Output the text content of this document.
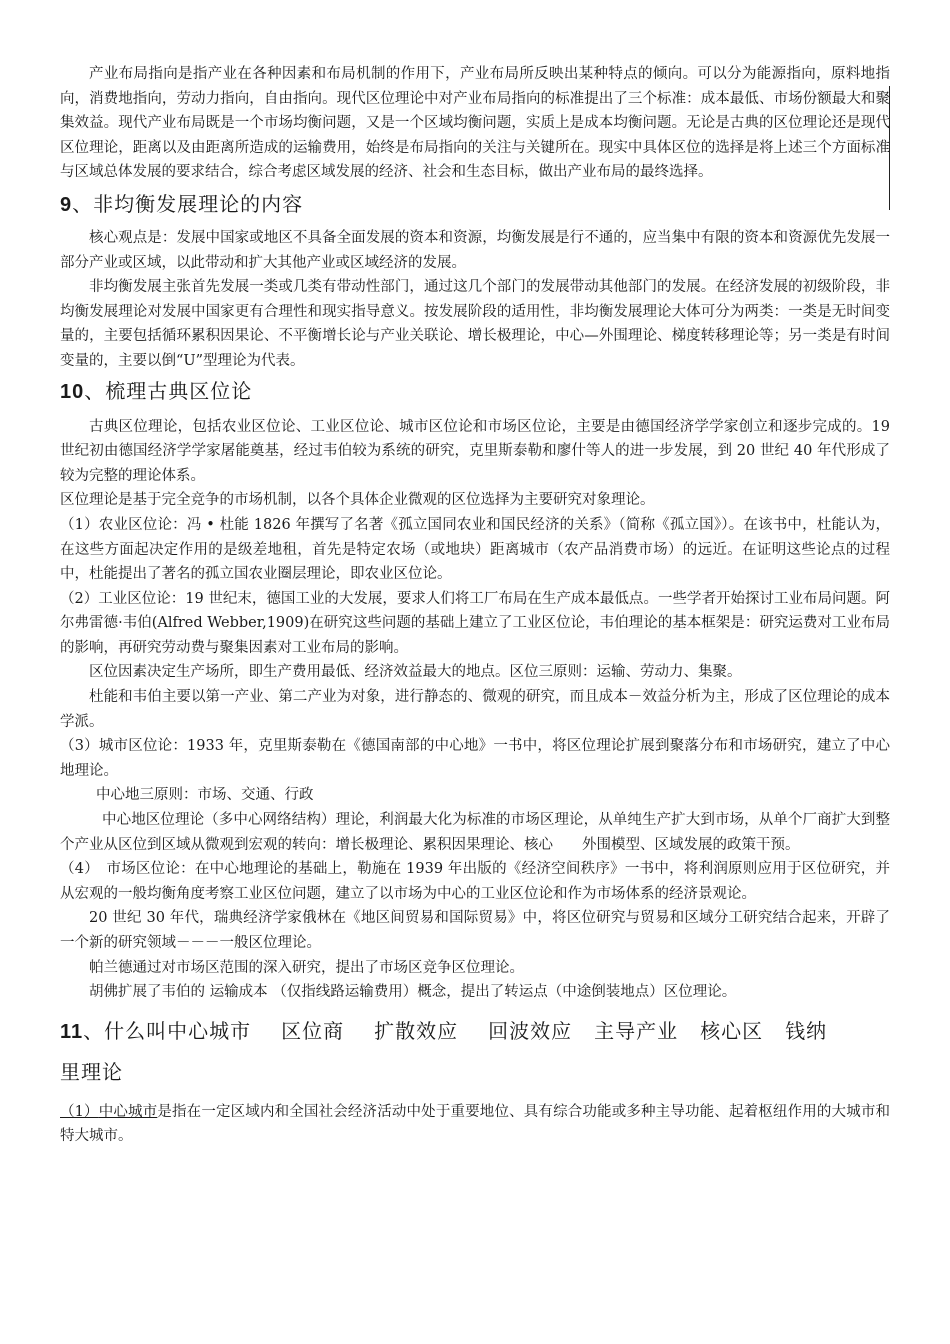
产业布局指向是指产业在各种因素和布局机制的作用下，产业布局所反映出某种特点的倾向。可以分为能源指向，原料地指向，消费地指向，劳动力指向，自由指向。现代区位理论中对产业布局指向的标准提出了三个标准：成本最低、市场份额最大和聚集效益。现代产业布局既是一个市场均衡问题，又是一个区域均衡问题，实质上是成本均衡问题。无论是古典的区位理论还是现代区位理论，距离以及由距离所造成的运输费用，始终是布局指向的关注与关键所在。现实中具体区位的选择是将上述三个方面标准与区域总体发展的要求结合，综合考虑区域发展的经济、社会和生态目标，做出产业布局的最终选择。

9、非均衡发展理论的内容

核心观点是：发展中国家或地区不具备全面发展的资本和资源，均衡发展是行不通的，应当集中有限的资本和资源优先发展一部分产业或区域，以此带动和扩大其他产业或区域经济的发展。

非均衡发展主张首先发展一类或几类有带动性部门，通过这几个部门的发展带动其他部门的发展。在经济发展的初级阶段，非均衡发展理论对发展中国家更有合理性和现实指导意义。按发展阶段的适用性，非均衡发展理论大体可分为两类：一类是无时间变量的，主要包括循环累积因果论、不平衡增长论与产业关联论、增长极理论，中心—外围理论、梯度转移理论等；另一类是有时间变量的，主要以倒“U”型理论为代表。

10、梳理古典区位论

古典区位理论，包括农业区位论、工业区位论、城市区位论和市场区位论，主要是由德国经济学学家创立和逐步完成的。19 世纪初由德国经济学学家屠能奠基，经过韦伯较为系统的研究，克里斯泰勒和廖什等人的进一步发展，到 20 世纪 40 年代形成了较为完整的理论体系。

区位理论是基于完全竞争的市场机制，以各个具体企业微观的区位选择为主要研究对象理论。

（1）农业区位论：冯 • 杜能 1826 年撰写了名著《孤立国同农业和国民经济的关系》（简称《孤立国》）。在该书中，杜能认为，在这些方面起决定作用的是级差地租，首先是特定农场（或地块）距离城市（农产品消费市场）的远近。在证明这些论点的过程中，杜能提出了著名的孤立国农业圈层理论，即农业区位论。

（2）工业区位论：19 世纪末，德国工业的大发展，要求人们将工厂布局在生产成本最低点。一些学者开始探讨工业布局问题。阿尔弗雷德·韦伯(Alfred Webber,1909)在研究这些问题的基础上建立了工业区位论，韦伯理论的基本框架是：研究运费对工业布局的影响，再研究劳动费与聚集因素对工业布局的影响。

区位因素决定生产场所，即生产费用最低、经济效益最大的地点。区位三原则：运输、劳动力、集聚。

杜能和韦伯主要以第一产业、第二产业为对象，进行静态的、微观的研究，而且成本－效益分析为主，形成了区位理论的成本学派。

（3）城市区位论：1933 年，克里斯泰勒在《德国南部的中心地》一书中，将区位理论扩展到聚落分布和市场研究，建立了中心地理论。

中心地三原则：市场、交通、行政

中心地区位理论（多中心网络结构）理论，利润最大化为标准的市场区理论，从单纯生产扩大到市场，从单个厂商扩大到整个产业从区位到区域从微观到宏观的转向：增长极理论、累积因果理论、核心　　外围模型、区域发展的政策干预。

（4）　市场区位论：在中心地理论的基础上，勒施在 1939 年出版的《经济空间秩序》一书中，将利润原则应用于区位研究，并从宏观的一般均衡角度考察工业区位问题，建立了以市场为中心的工业区位论和作为市场体系的经济景观论。

20 世纪 30 年代，瑞典经济学家俄林在《地区间贸易和国际贸易》中，将区位研究与贸易和区域分工研究结合起来，开辟了一个新的研究领域－－－一般区位理论。

帕兰德通过对市场区范围的深入研究，提出了市场区竞争区位理论。

胡佛扩展了韦伯的 运输成本 （仅指线路运输费用）概念，提出了转运点（中途倒装地点）区位理论。

11、什么叫中心城市 区位商 扩散效应 回波效应 主导产业 核心区 钱纳
里理论

（1）中心城市是指在一定区域内和全国社会经济活动中处于重要地位、具有综合功能或多种主导功能、起着枢纽作用的大城市和特大城市。
